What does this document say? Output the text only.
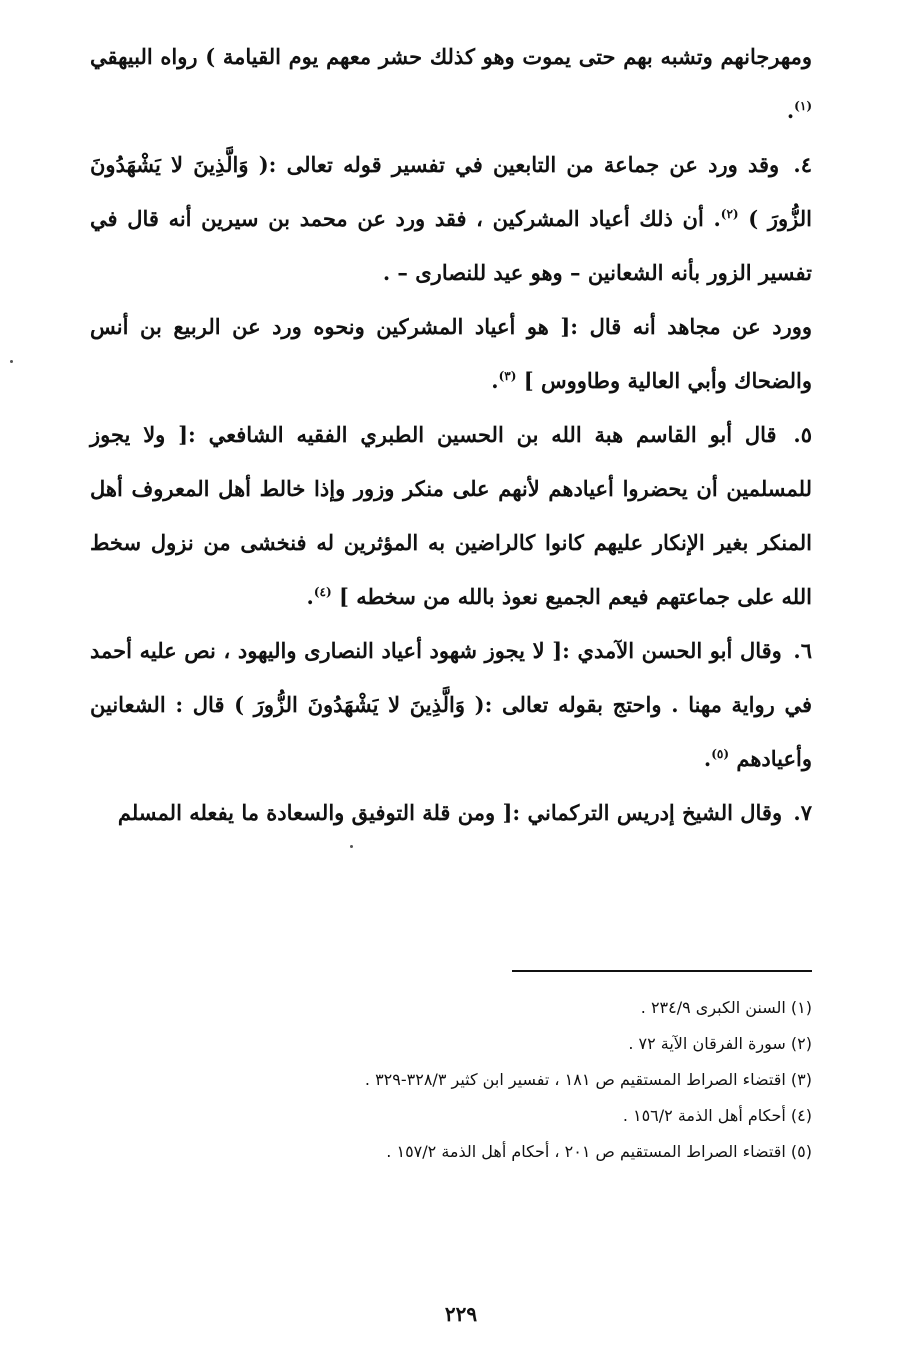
ومهرجانهم وتشبه بهم حتى يموت وهو كذلك حشر معهم يوم القيامة ) رواه البيهقي $^{(١)}$.

٤. وقد ورد عن جماعة من التابعين في تفسير قوله تعالى :( وَالَّذِينَ لا يَشْهَدُونَ الزُّورَ ) $^{(٢)}$. أن ذلك أعياد المشركين ، فقد ورد عن محمد بن سيرين أنه قال في تفسير الزور بأنه الشعانين – وهو عيد للنصارى – .

وورد عن مجاهد أنه قال :[ هو أعياد المشركين ونحوه ورد عن الربيع بن أنس والضحاك وأبي العالية وطاووس ] $^{(٣)}$.

٥. قال أبو القاسم هبة الله بن الحسين الطبري الفقيه الشافعي :[ ولا يجوز للمسلمين أن يحضروا أعيادهم لأنهم على منكر وزور وإذا خالط أهل المعروف أهل المنكر بغير الإنكار عليهم كانوا كالراضين به المؤثرين له فنخشى من نزول سخط الله على جماعتهم فيعم الجميع نعوذ بالله من سخطه ] $^{(٤)}$.

٦. وقال أبو الحسن الآمدي :[ لا يجوز شهود أعياد النصارى واليهود ، نص عليه أحمد في رواية مهنا . واحتج بقوله تعالى :( وَالَّذِينَ لا يَشْهَدُونَ الزُّورَ ) قال : الشعانين وأعيادهم $^{(٥)}$.

٧. وقال الشيخ إدريس التركماني :[ ومن قلة التوفيق والسعادة ما يفعله المسلم

(١) السنن الكبرى ٢٣٤/٩ .

(٢) سورة الفرقان الآية ٧٢ .

(٣) اقتضاء الصراط المستقيم ص ١٨١ ، تفسير ابن كثير ٣٢٨/٣-٣٢٩ .

(٤) أحكام أهل الذمة ١٥٦/٢ .

(٥) اقتضاء الصراط المستقيم ص ٢٠١ ، أحكام أهل الذمة ١٥٧/٢ .

٢٢٩
